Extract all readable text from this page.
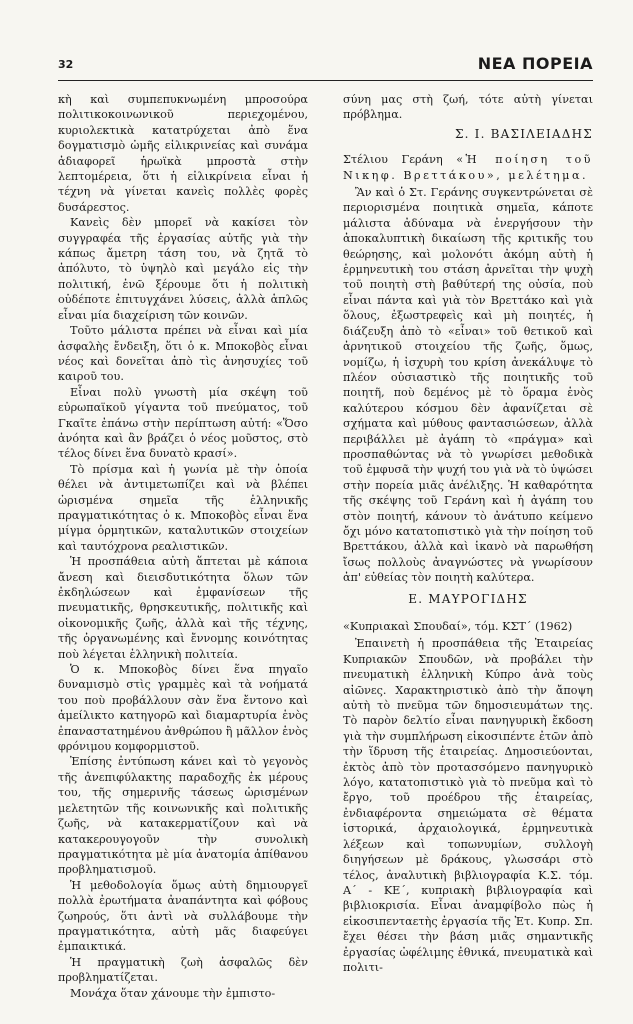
32	ΝΕΑ ΠΟΡΕΙΑ

κὴ καὶ συμπεπυκνωμένη μπροσούρα πολιτικοκοινωνικοῦ περιεχομένου, κυριολεκτικὰ κατατρύχεται ἀπὸ ἕνα δογματισμὸ ὠμῆς εἰλικρινείας καὶ συνάμα ἀδιαφορεῖ ἡρωϊκὰ μπροστὰ στὴν λεπτομέρεια, ὅτι ἡ εἰλικρίνεια εἶναι ἡ τέχνη νὰ γίνεται κανεὶς πολλὲς φορὲς δυσάρεστος.

Κανεὶς δὲν μπορεῖ νὰ κακίσει τὸν συγγραφέα τῆς ἐργασίας αὐτῆς γιὰ τὴν κάπως ἄμετρη τάση του, νὰ ζητᾶ τὸ ἀπόλυτο, τὸ ὑψηλὸ καὶ μεγάλο εἰς τὴν πολιτική, ἐνῶ ξέρουμε ὅτι ἡ πολιτικὴ οὐδέποτε ἐπιτυγχάνει λύσεις, ἀλλὰ ἁπλῶς εἶναι μία διαχείριση τῶν κοινῶν.

Τοῦτο μάλιστα πρέπει νὰ εἶναι καὶ μία ἀσφαλὴς ἔνδειξη, ὅτι ὁ κ. Μποκοβὸς εἶναι νέος καὶ δονεῖται ἀπὸ τὶς ἀνησυχίες τοῦ καιροῦ του.

Εἶναι πολὺ γνωστὴ μία σκέψη τοῦ εὐρωπαϊκοῦ γίγαντα τοῦ πνεύματος, τοῦ Γκαῖτε ἐπάνω στὴν περίπτωση αὐτή: «Ὅσο ἀνόητα καὶ ἂν βράζει ὁ νέος μοῦστος, στὸ τέλος δίνει ἕνα δυνατὸ κρασί».

Τὸ πρίσμα καὶ ἡ γωνία μὲ τὴν ὁποία θέλει νὰ ἀντιμετωπίζει καὶ νὰ βλέπει ὡρισμένα σημεῖα τῆς ἑλληνικῆς πραγματικότητας ὁ κ. Μποκοβὸς εἶναι ἕνα μίγμα ὁρμητικῶν, καταλυτικῶν στοιχείων καὶ ταυτόχρονα ρεαλιστικῶν.

Ἡ προσπάθεια αὐτὴ ἅπτεται μὲ κάποια ἄνεση καὶ διεισδυτικότητα ὅλων τῶν ἐκδηλώσεων καὶ ἐμφανίσεων τῆς πνευματικῆς, θρησκευτικῆς, πολιτικῆς καὶ οἰκονομικῆς ζωῆς, ἀλλὰ καὶ τῆς τέχνης, τῆς ὀργανωμένης καὶ ἔννομης κοινότητας ποὺ λέγεται ἑλληνικὴ πολιτεία.

Ὁ κ. Μποκοβὸς δίνει ἕνα πηγαῖο δυναμισμὸ στὶς γραμμὲς καὶ τὰ νοήματά του ποὺ προβάλλουν σὰν ἕνα ἔντονο καὶ ἀμείλικτο κατηγορῶ καὶ διαμαρτυρία ἑνὸς ἐπαναστατημένου ἀνθρώπου ἢ μᾶλλον ἑνὸς φρόνιμου κομφορμιστοῦ.

Ἐπίσης ἐντύπωση κάνει καὶ τὸ γεγονὸς τῆς ἀνεπιφύλακτης παραδοχῆς ἐκ μέρους του, τῆς σημερινῆς τάσεως ὡρισμένων μελετητῶν τῆς κοινωνικῆς καὶ πολιτικῆς ζωῆς, νὰ κατακερματίζουν καὶ νὰ κατακερουγογοῦν τὴν συνολικὴ πραγματικότητα μὲ μία ἀνατομία ἀπίθανου προβληματισμοῦ.

Ἡ μεθοδολογία ὅμως αὐτὴ δημιουργεῖ πολλὰ ἐρωτήματα ἀναπάντητα καὶ φόβους ζωηρούς, ὅτι ἀντὶ νὰ συλλάβουμε τὴν πραγματικότητα, αὐτὴ μᾶς διαφεύγει ἐμπαικτικά.

Ἡ πραγματικὴ ζωὴ ἀσφαλῶς δὲν προβληματίζεται.

Μονάχα ὅταν χάνουμε τὴν ἐμπιστο-

σύνη μας στὴ ζωή, τότε αὐτὴ γίνεται πρόβλημα.

Σ. Ι. ΒΑΣΙΛΕΙΑΔΗΣ
Στέλιου Γεράνη «Ἡ ποίηση τοῦ Νικηφ. Βρεττάκου», μελέτημα.

Ἂν καὶ ὁ Στ. Γεράνης συγκεντρώνεται σὲ περιορισμένα ποιητικὰ σημεῖα, κάποτε μάλιστα ἀδύναμα νὰ ἐνεργήσουν τὴν ἀποκαλυπτικὴ δικαίωση τῆς κριτικῆς του θεώρησης, καὶ μολονότι ἀκόμη αὐτὴ ἡ ἑρμηνευτικὴ του στάση ἀρνεῖται τὴν ψυχὴ τοῦ ποιητὴ στὴ βαθύτερή της οὐσία, ποὺ εἶναι πάντα καὶ γιὰ τὸν Βρεττάκο καὶ γιὰ ὅλους, ἐξωστρεφεὶς καὶ μὴ ποιητές, ἡ διάζευξη ἀπὸ τὸ «εἶναι» τοῦ θετικοῦ καὶ ἀρνητικοῦ στοιχείου τῆς ζωῆς, ὅμως, νομίζω, ἡ ἰσχυρὴ του κρίση ἀνεκάλυψε τὸ πλέον οὐσιαστικὸ τῆς ποιητικῆς τοῦ ποιητῆ, ποὺ δεμένος μὲ τὸ ὅραμα ἑνὸς καλύτερου κόσμου δὲν ἀφανίζεται σὲ σχήματα καὶ μύθους φαντασιώσεων, ἀλλὰ περιβάλλει μὲ ἀγάπη τὸ «πράγμα» καὶ προσπαθώντας νὰ τὸ γνωρίσει μεθοδικὰ τοῦ ἐμφυσᾶ τὴν ψυχή του γιὰ νὰ τὸ ὑψώσει στὴν πορεία μιᾶς ἀνέλιξης. Ἡ καθαρότητα τῆς σκέψης τοῦ Γεράνη καὶ ἡ ἀγάπη του στὸν ποιητή, κάνουν τὸ ἀνάτυπο κείμενο ὄχι μόνο κατατοπιστικὸ γιὰ τὴν ποίηση τοῦ Βρεττάκου, ἀλλὰ καὶ ἱκανὸ νὰ παρωθήση ἴσως πολλοὺς ἀναγνώστες νὰ γνωρίσουν ἀπ' εὐθείας τὸν ποιητὴ καλύτερα.

Ε. ΜΑΥΡΟΓΙΔΗΣ
«Κυπριακαὶ Σπουδαί», τόμ. ΚΣΤ΄ (1962)

Ἐπαινετὴ ἡ προσπάθεια τῆς Ἑταιρείας Κυπριακῶν Σπουδῶν, νὰ προβάλει τὴν πνευματικὴ ἑλληνικὴ Κύπρο ἀνὰ τοὺς αἰῶνες. Χαρακτηριστικὸ ἀπὸ τὴν ἄποψη αὐτὴ τὸ πνεῦμα τῶν δημοσιευμάτων της. Τὸ παρὸν δελτίο εἶναι πανηγυρικὴ ἔκδοση γιὰ τὴν συμπλήρωση εἰκοσιπέντε ἐτῶν ἀπὸ τὴν ἵδρυση τῆς ἑταιρείας. Δημοσιεύονται, ἐκτὸς ἀπὸ τὸν προτασσόμενο πανηγυρικὸ λόγο, κατατοπιστικὸ γιὰ τὸ πνεῦμα καὶ τὸ ἔργο, τοῦ προέδρου τῆς ἑταιρείας, ἐνδιαφέροντα σημειώματα σὲ θέματα ἱστορικά, ἀρχαιολογικά, ἑρμηνευτικὰ λέξεων καὶ τοπωνυμίων, συλλογὴ διηγήσεων μὲ δράκους, γλωσσάρι στὸ τέλος, ἀναλυτικὴ βιβλιογραφία Κ.Σ. τόμ. Α΄ - ΚΕ΄, κυπριακὴ βιβλιογραφία καὶ βιβλιοκρισία. Εἶναι ἀναμφίβολο πὼς ἡ εἰκοσιπενταετὴς ἐργασία τῆς Ἑτ. Κυπρ. Σπ. ἔχει θέσει τὴν βάση μιᾶς σημαντικῆς ἐργασίας ὠφέλιμης ἐθνικά, πνευματικὰ καὶ πολιτι-
